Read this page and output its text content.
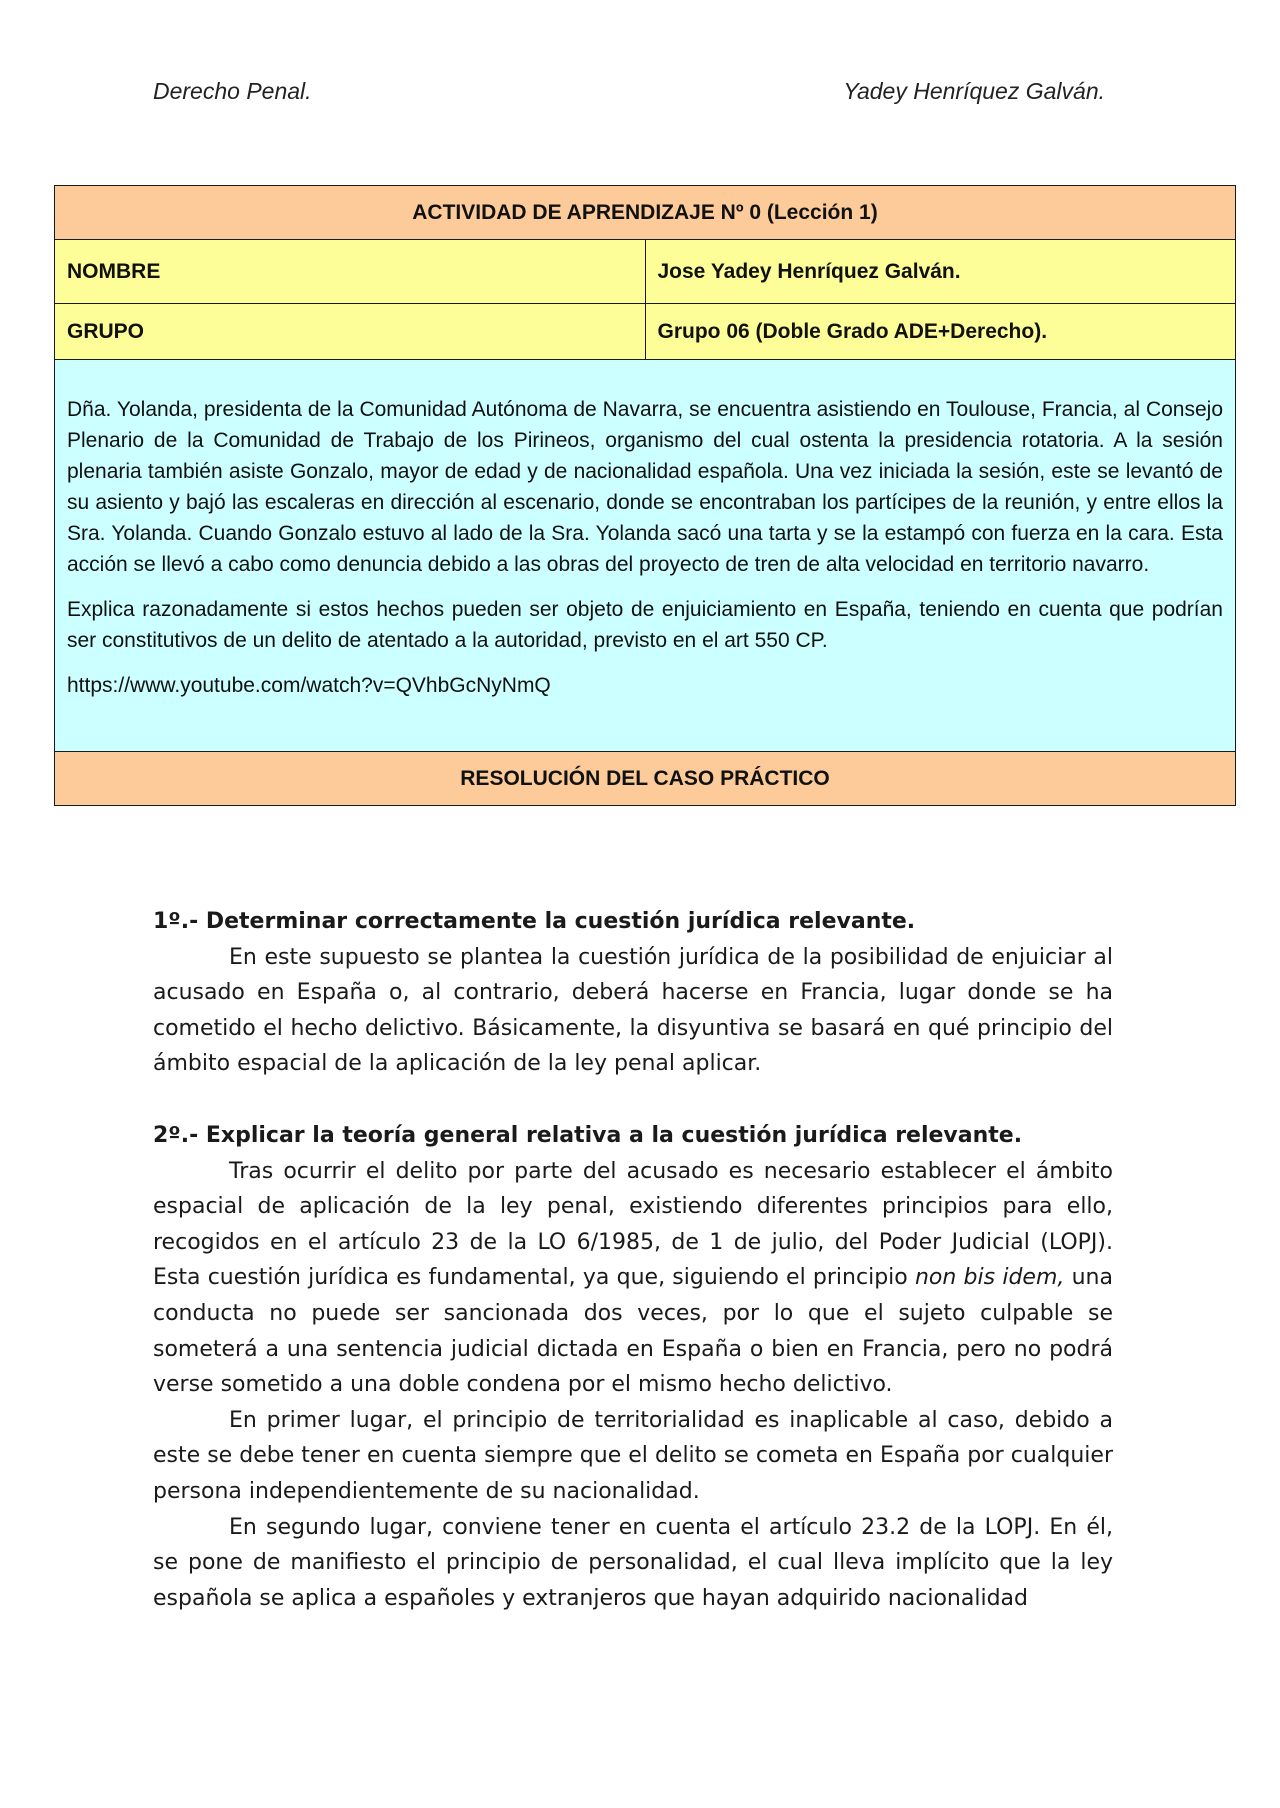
Derecho Penal.	Yadey Henríquez Galván.
ACTIVIDAD DE APRENDIZAJE Nº 0 (Lección 1)	
NOMBRE	Jose Yadey Henríquez Galván.
GRUPO	Grupo 06 (Doble Grado ADE+Derecho).

Dña. Yolanda, presidenta de la Comunidad Autónoma de Navarra, se encuentra asistiendo en Toulouse, Francia, al Consejo Plenario de la Comunidad de Trabajo de los Pirineos, organismo del cual ostenta la presidencia rotatoria. A la sesión plenaria también asiste Gonzalo, mayor de edad y de nacionalidad española. Una vez iniciada la sesión, este se levantó de su asiento y bajó las escaleras en dirección al escenario, donde se encontraban los partícipes de la reunión, y entre ellos la Sra. Yolanda. Cuando Gonzalo estuvo al lado de la Sra. Yolanda sacó una tarta y se la estampó con fuerza en la cara. Esta acción se llevó a cabo como denuncia debido a las obras del proyecto de tren de alta velocidad en territorio navarro.

Explica razonadamente si estos hechos pueden ser objeto de enjuiciamiento en España, teniendo en cuenta que podrían ser constitutivos de un delito de atentado a la autoridad, previsto en el art 550 CP.

https://www.youtube.com/watch?v=QVhbGcNyNmQ	

RESOLUCIÓN DEL CASO PRÁCTICO	

1º.- Determinar correctamente la cuestión jurídica relevante.

En este supuesto se plantea la cuestión jurídica de la posibilidad de enjuiciar al acusado en España o, al contrario, deberá hacerse en Francia, lugar donde se ha cometido el hecho delictivo. Básicamente, la disyuntiva se basará en qué principio del ámbito espacial de la aplicación de la ley penal aplicar.

2º.- Explicar la teoría general relativa a la cuestión jurídica relevante.

Tras ocurrir el delito por parte del acusado es necesario establecer el ámbito espacial de aplicación de la ley penal, existiendo diferentes principios para ello, recogidos en el artículo 23 de la LO 6/1985, de 1 de julio, del Poder Judicial (LOPJ). Esta cuestión jurídica es fundamental, ya que, siguiendo el principio non bis idem, una conducta no puede ser sancionada dos veces, por lo que el sujeto culpable se someterá a una sentencia judicial dictada en España o bien en Francia, pero no podrá verse sometido a una doble condena por el mismo hecho delictivo.

En primer lugar, el principio de territorialidad es inaplicable al caso, debido a este se debe tener en cuenta siempre que el delito se cometa en España por cualquier persona independientemente de su nacionalidad.

En segundo lugar, conviene tener en cuenta el artículo 23.2 de la LOPJ. En él, se pone de manifiesto el principio de personalidad, el cual lleva implícito que la ley española se aplica a españoles y extranjeros que hayan adquirido nacionalidad
